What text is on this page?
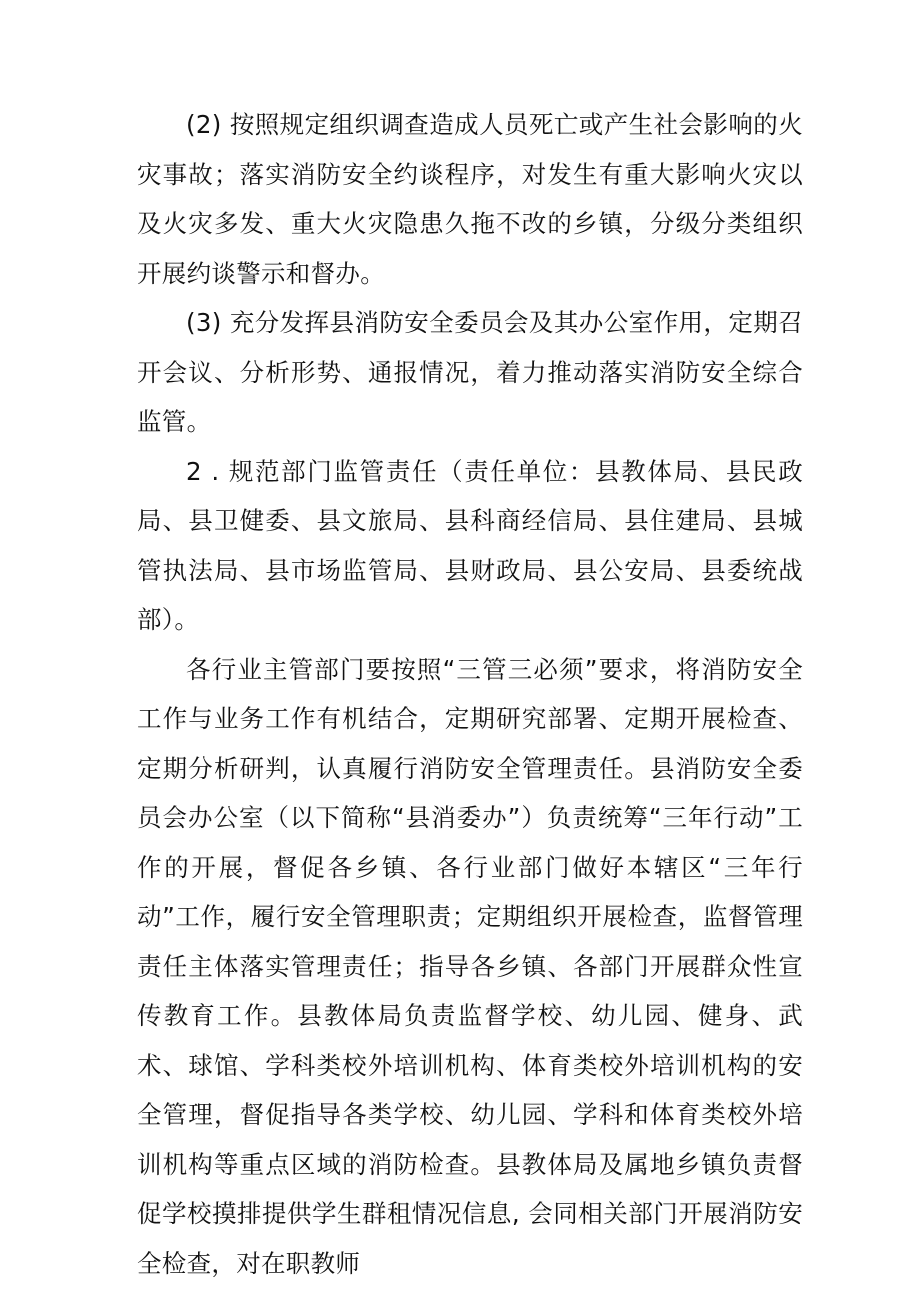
(2) 按照规定组织调查造成人员死亡或产生社会影响的火灾事故；落实消防安全约谈程序，对发生有重大影响火灾以及火灾多发、重大火灾隐患久拖不改的乡镇，分级分类组织开展约谈警示和督办。

(3) 充分发挥县消防安全委员会及其办公室作用，定期召开会议、分析形势、通报情况，着力推动落实消防安全综合监管。

2 . 规范部门监管责任（责任单位：县教体局、县民政局、县卫健委、县文旅局、县科商经信局、县住建局、县城管执法局、县市场监管局、县财政局、县公安局、县委统战部）。

各行业主管部门要按照“三管三必须”要求，将消防安全工作与业务工作有机结合，定期研究部署、定期开展检查、定期分析研判，认真履行消防安全管理责任。县消防安全委员会办公室（以下简称“县消委办”）负责统筹“三年行动”工作的开展，督促各乡镇、各行业部门做好本辖区“三年行动”工作，履行安全管理职责；定期组织开展检查，监督管理责任主体落实管理责任；指导各乡镇、各部门开展群众性宣传教育工作。县教体局负责监督学校、幼儿园、健身、武术、球馆、学科类校外培训机构、体育类校外培训机构的安全管理，督促指导各类学校、幼儿园、学科和体育类校外培训机构等重点区域的消防检查。县教体局及属地乡镇负责督促学校摸排提供学生群租情况信息, 会同相关部门开展消防安全检查，对在职教师
